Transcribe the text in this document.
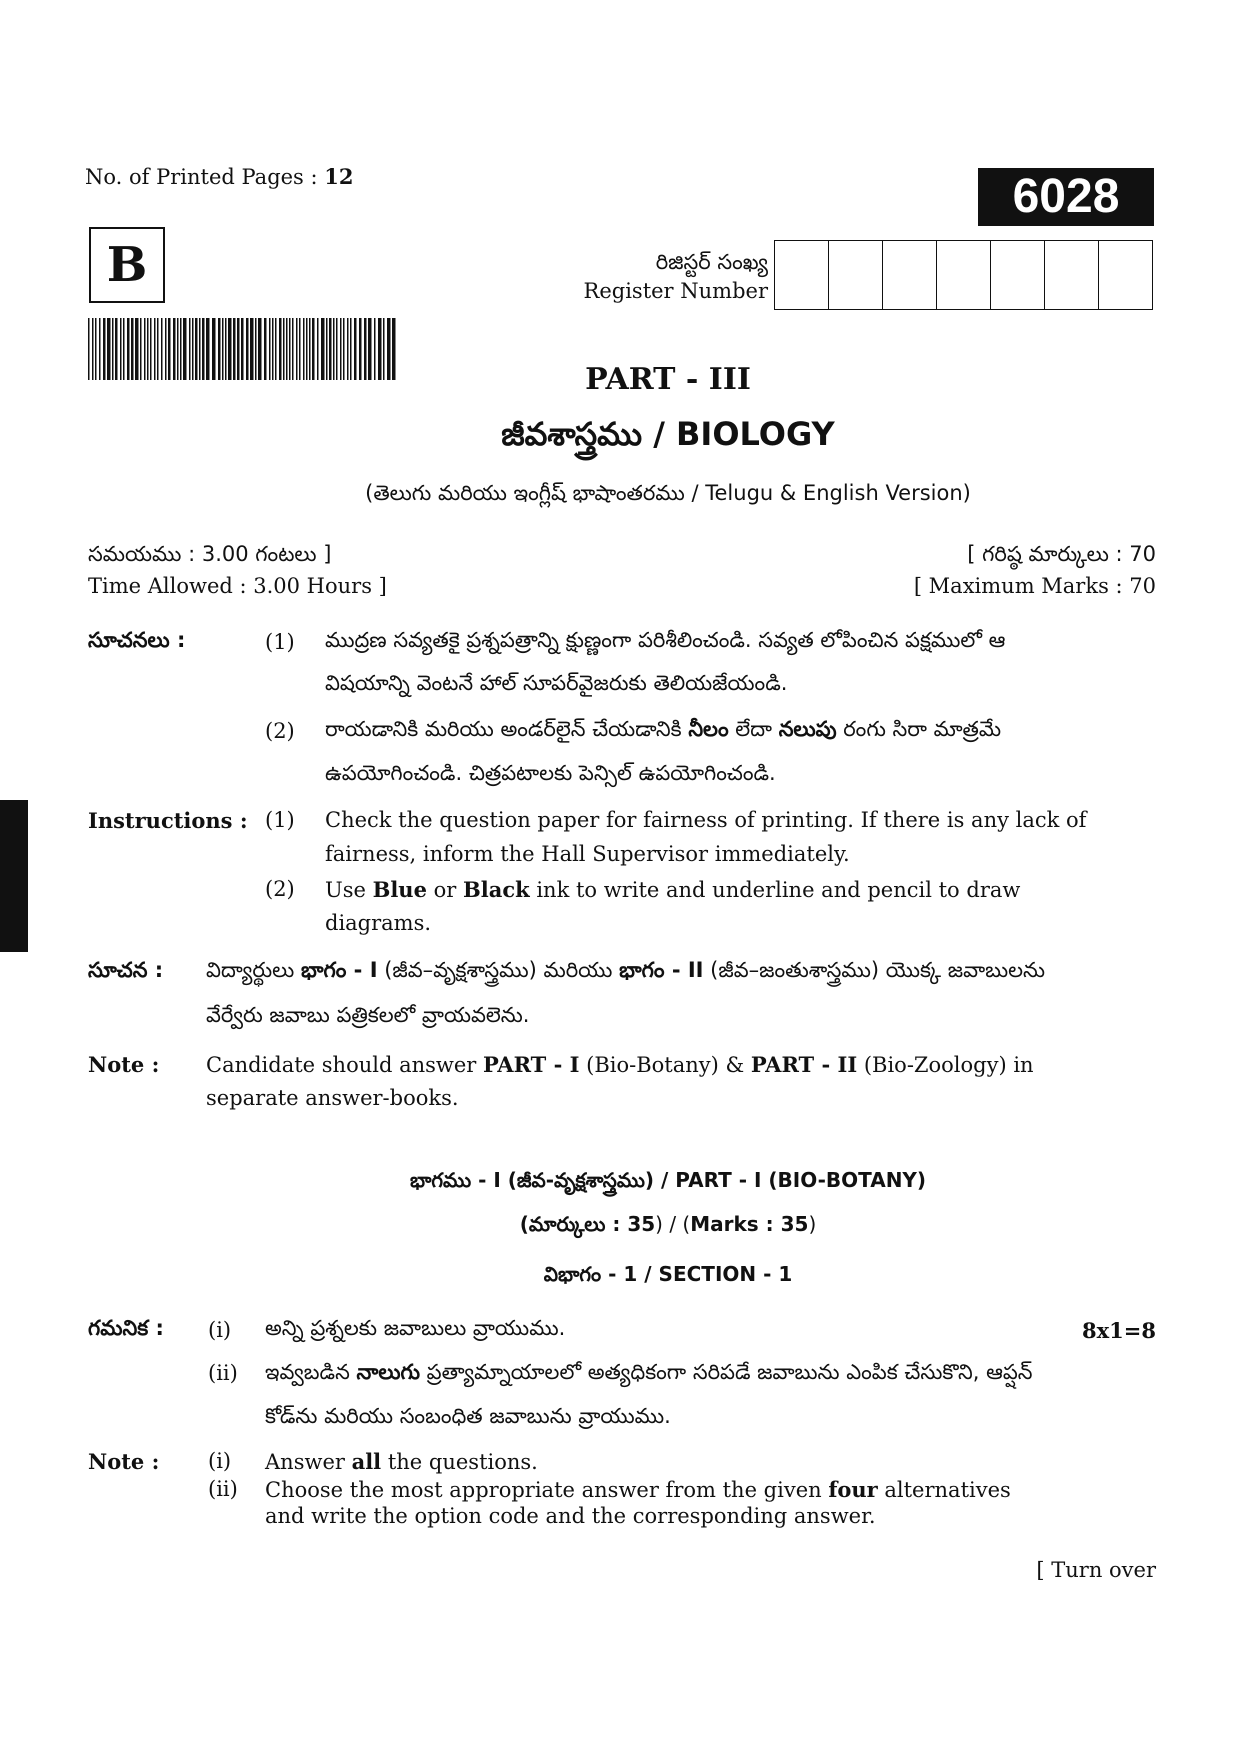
No. of Printed Pages : 12	6028
B	రిజిస్టర్ సంఖ్య
Register Number
PART - III
జీవశాస్త్రము / BIOLOGY
(తెలుగు మరియు ఇంగ్లీష్ భాషాంతరము / Telugu & English Version)
సమయము : 3.00 గంటలు ]
Time Allowed : 3.00 Hours ]
[ గరిష్ఠ మార్కులు : 70
[ Maximum Marks : 70
సూచనలు :	(1) ముద్రణ సవ్యతకై ప్రశ్నపత్రాన్ని క్షుణ్ణంగా పరిశీలించండి. సవ్యత లోపించిన పక్షములో ఆ
విషయాన్ని వెంటనే హాల్ సూపర్‌వైజరుకు తెలియజేయండి.
(2) రాయడానికి మరియు అండర్‌లైన్ చేయడానికి నీలం లేదా నలుపు రంగు సిరా మాత్రమే
ఉపయోగించండి. చిత్రపటాలకు పెన్సిల్ ఉపయోగించండి.
Instructions : (1) Check the question paper for fairness of printing. If there is any lack of
fairness, inform the Hall Supervisor immediately.
(2) Use Blue or Black ink to write and underline and pencil to draw
diagrams.
సూచన : విద్యార్థులు భాగం - I (జీవ–వృక్షశాస్త్రము) మరియు భాగం - II (జీవ–జంతుశాస్త్రము) యొక్క జవాబులను
వేర్వేరు జవాబు పత్రికలలో వ్రాయవలెను.
Note : Candidate should answer PART - I (Bio-Botany) & PART - II (Bio-Zoology) in
separate answer-books.
భాగము - I (జీవ-వృక్షశాస్త్రము) / PART - I (BIO-BOTANY)
(మార్కులు : 35) / (Marks : 35)
విభాగం - 1 / SECTION - 1
గమనిక : (i) అన్ని ప్రశ్నలకు జవాబులు వ్రాయుము.	8x1=8
(ii) ఇవ్వబడిన నాలుగు ప్రత్యామ్నాయాలలో అత్యధికంగా సరిపడే జవాబును ఎంపిక చేసుకొని, ఆప్షన్
కోడ్‌ను మరియు సంబంధిత జవాబును వ్రాయుము.
Note : (i) Answer all the questions.
(ii) Choose the most appropriate answer from the given four alternatives
and write the option code and the corresponding answer.
[ Turn over
